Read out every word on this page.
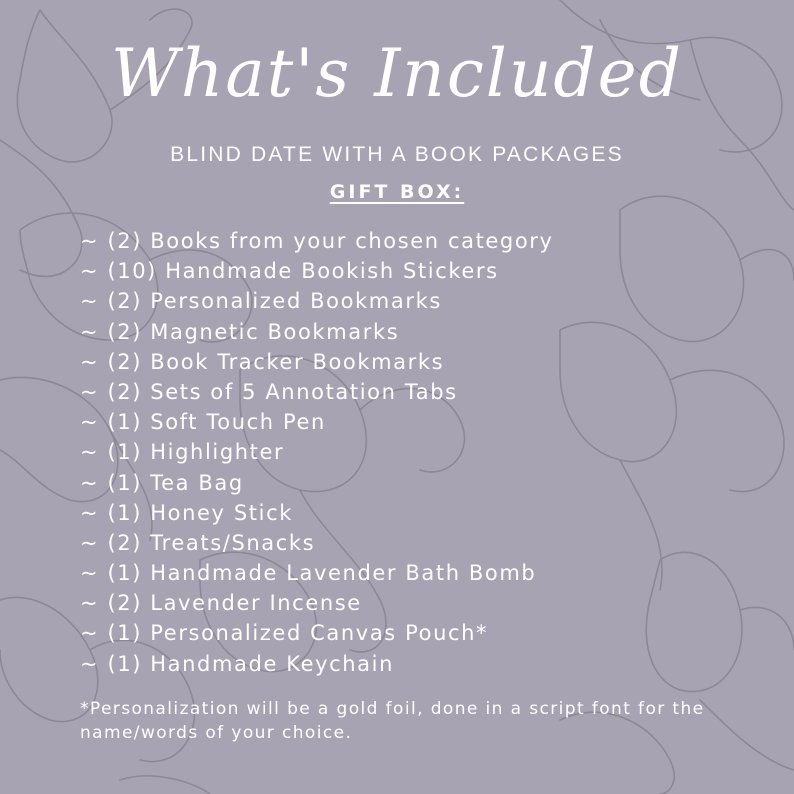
What's Included
BLIND DATE WITH A BOOK PACKAGES
GIFT BOX:
~ (2) Books from your chosen category
~ (10) Handmade Bookish Stickers
~ (2) Personalized Bookmarks
~ (2) Magnetic Bookmarks
~ (2) Book Tracker Bookmarks
~ (2) Sets of 5 Annotation Tabs
~ (1) Soft Touch Pen
~ (1) Highlighter
~ (1) Tea Bag
~ (1) Honey Stick
~ (2) Treats/Snacks
~ (1) Handmade Lavender Bath Bomb
~ (2) Lavender Incense
~ (1) Personalized Canvas Pouch*
~ (1) Handmade Keychain
*Personalization will be a gold foil, done in a script font for the name/words of your choice.
